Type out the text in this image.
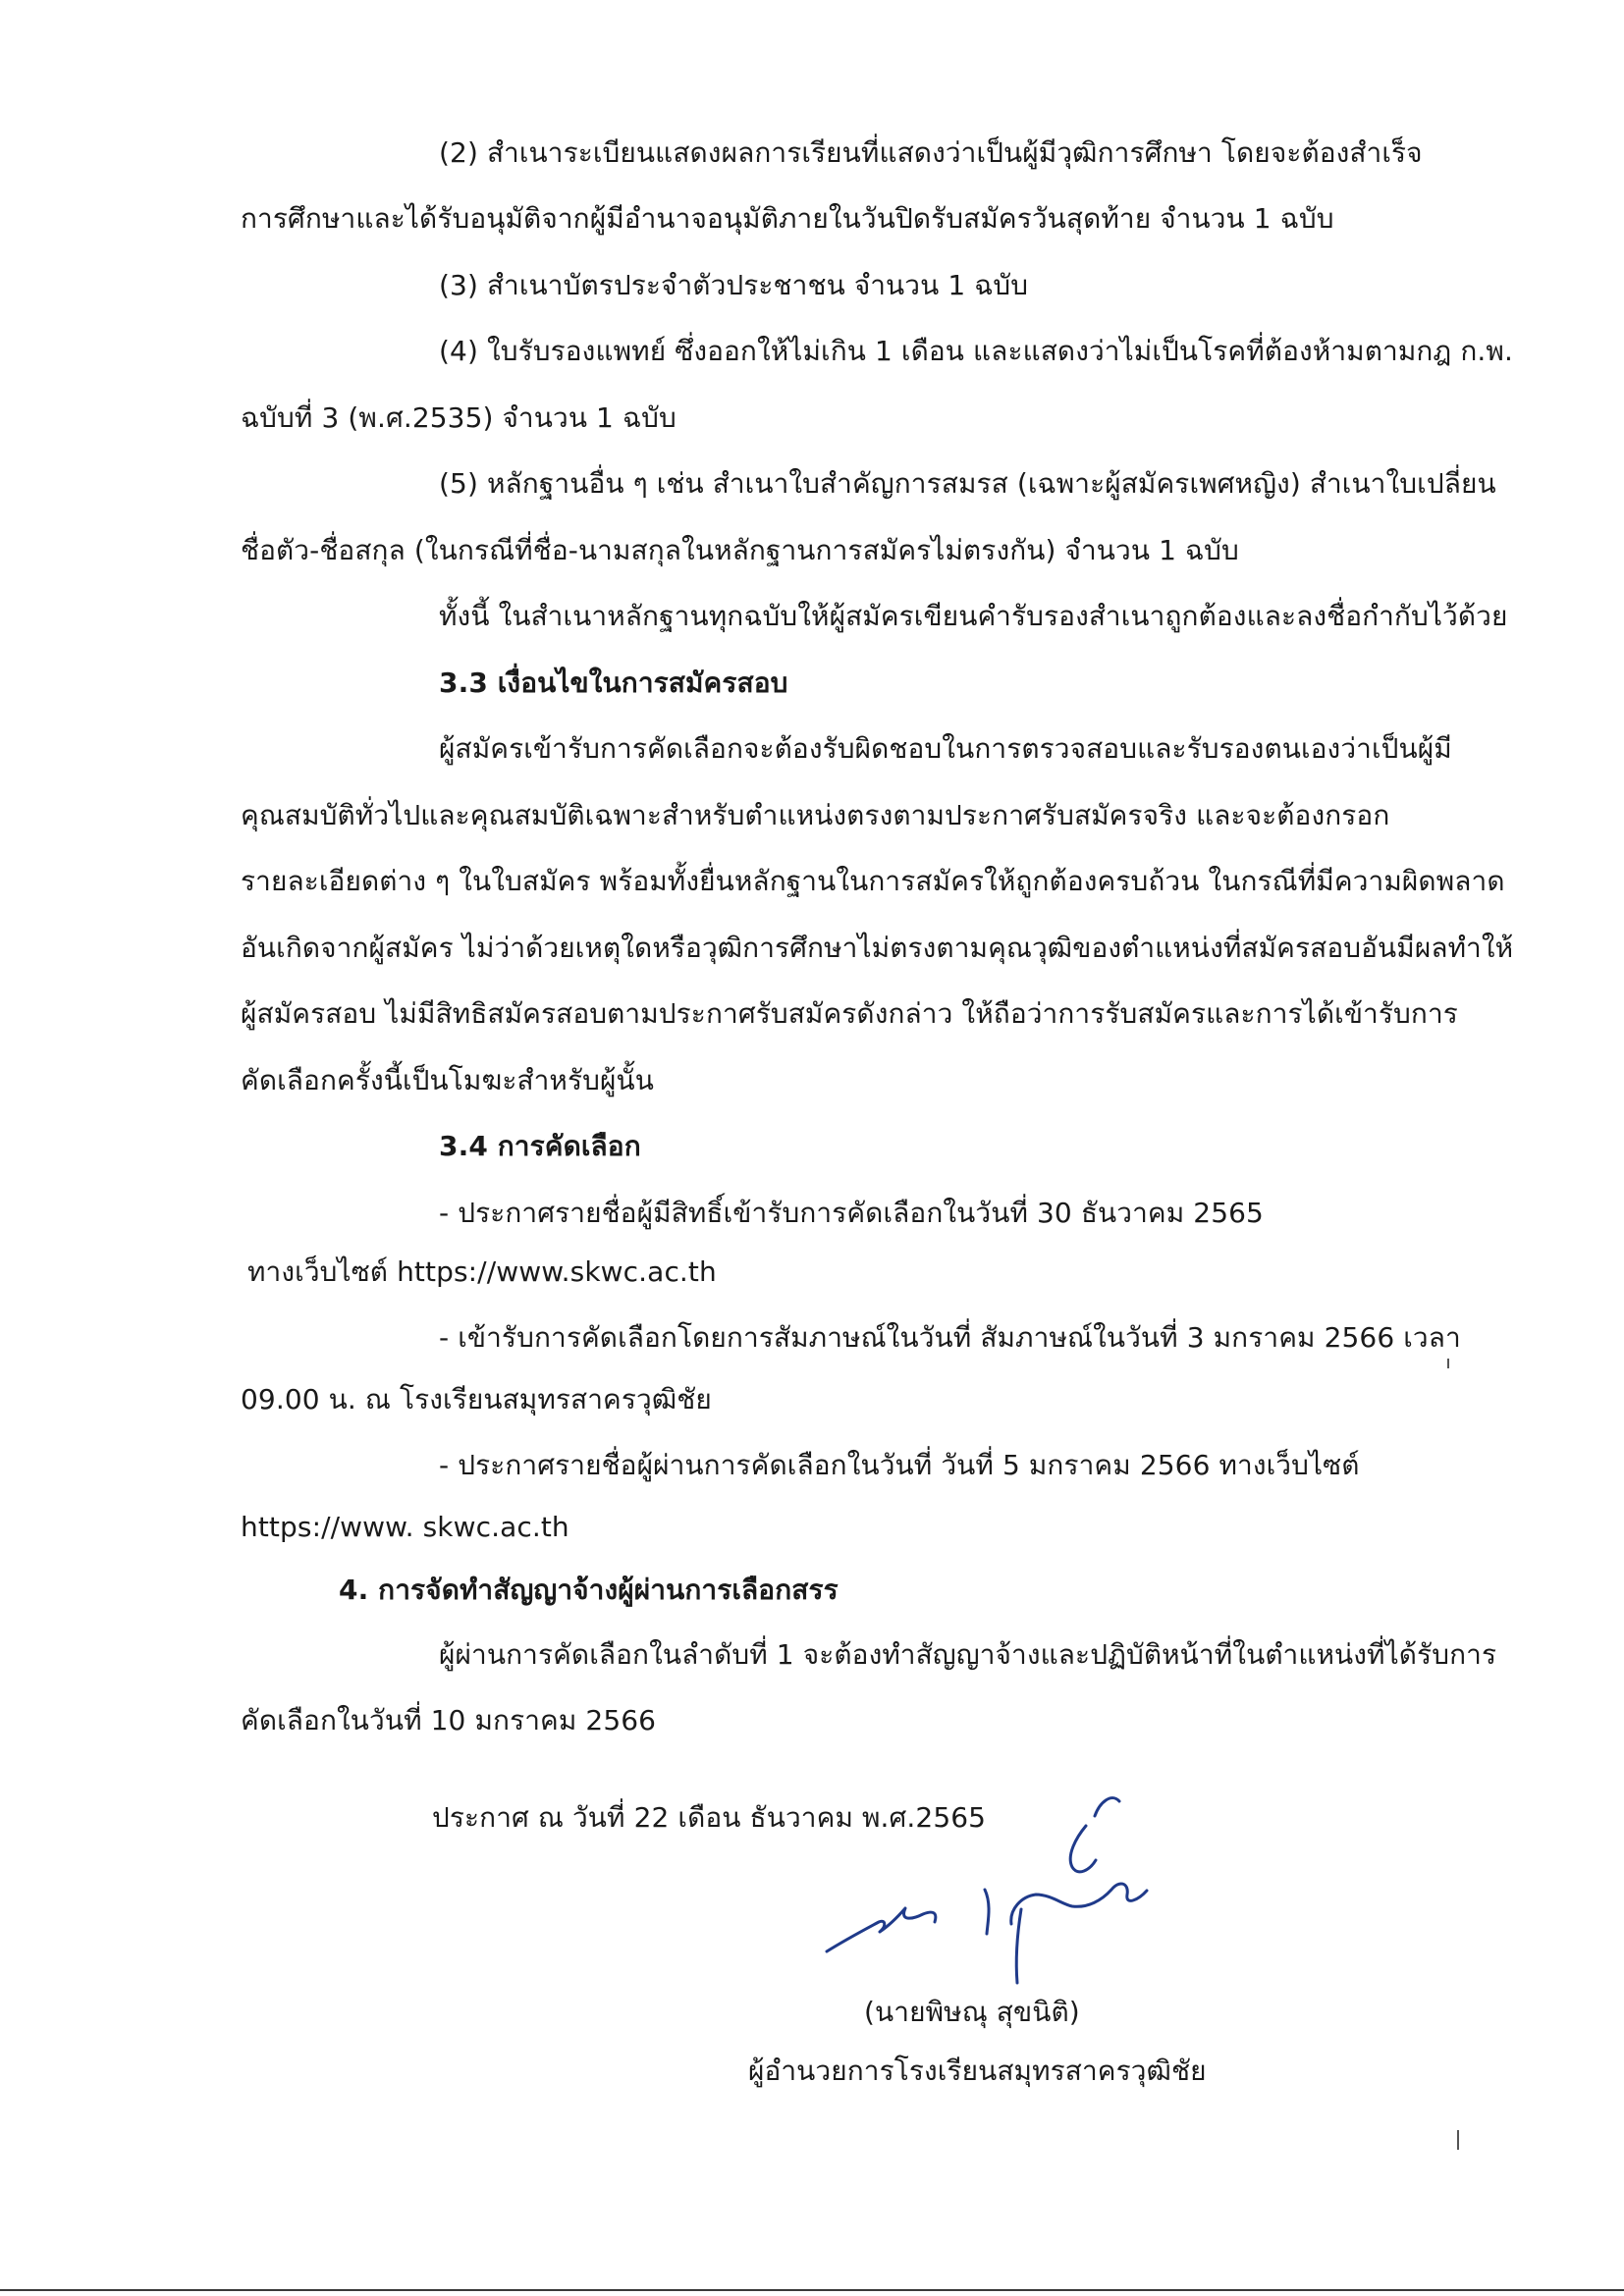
(2) สำเนาระเบียนแสดงผลการเรียนที่แสดงว่าเป็นผู้มีวุฒิการศึกษา โดยจะต้องสำเร็จ
การศึกษาและได้รับอนุมัติจากผู้มีอำนาจอนุมัติภายในวันปิดรับสมัครวันสุดท้าย จำนวน 1 ฉบับ
(3) สำเนาบัตรประจำตัวประชาชน จำนวน 1 ฉบับ
(4) ใบรับรองแพทย์ ซึ่งออกให้ไม่เกิน 1 เดือน และแสดงว่าไม่เป็นโรคที่ต้องห้ามตามกฎ ก.พ.
ฉบับที่ 3 (พ.ศ.2535) จำนวน 1 ฉบับ
(5) หลักฐานอื่น ๆ เช่น สำเนาใบสำคัญการสมรส (เฉพาะผู้สมัครเพศหญิง) สำเนาใบเปลี่ยน
ชื่อตัว-ชื่อสกุล (ในกรณีที่ชื่อ-นามสกุลในหลักฐานการสมัครไม่ตรงกัน) จำนวน 1 ฉบับ
ทั้งนี้ ในสำเนาหลักฐานทุกฉบับให้ผู้สมัครเขียนคำรับรองสำเนาถูกต้องและลงชื่อกำกับไว้ด้วย
3.3 เงื่อนไขในการสมัครสอบ
ผู้สมัครเข้ารับการคัดเลือกจะต้องรับผิดชอบในการตรวจสอบและรับรองตนเองว่าเป็นผู้มี
คุณสมบัติทั่วไปและคุณสมบัติเฉพาะสำหรับตำแหน่งตรงตามประกาศรับสมัครจริง และจะต้องกรอก
รายละเอียดต่าง ๆ ในใบสมัคร พร้อมทั้งยื่นหลักฐานในการสมัครให้ถูกต้องครบถ้วน ในกรณีที่มีความผิดพลาด
อันเกิดจากผู้สมัคร ไม่ว่าด้วยเหตุใดหรือวุฒิการศึกษาไม่ตรงตามคุณวุฒิของตำแหน่งที่สมัครสอบอันมีผลทำให้
ผู้สมัครสอบ ไม่มีสิทธิสมัครสอบตามประกาศรับสมัครดังกล่าว ให้ถือว่าการรับสมัครและการได้เข้ารับการ
คัดเลือกครั้งนี้เป็นโมฆะสำหรับผู้นั้น
3.4 การคัดเลือก
- ประกาศรายชื่อผู้มีสิทธิ์เข้ารับการคัดเลือกในวันที่ 30 ธันวาคม 2565
ทางเว็บไซต์ https://www.skwc.ac.th
- เข้ารับการคัดเลือกโดยการสัมภาษณ์ในวันที่ สัมภาษณ์ในวันที่ 3 มกราคม 2566 เวลา
09.00 น. ณ โรงเรียนสมุทรสาครวุฒิชัย
- ประกาศรายชื่อผู้ผ่านการคัดเลือกในวันที่ วันที่ 5 มกราคม 2566 ทางเว็บไซต์
https://www. skwc.ac.th
4. การจัดทำสัญญาจ้างผู้ผ่านการเลือกสรร
ผู้ผ่านการคัดเลือกในลำดับที่ 1 จะต้องทำสัญญาจ้างและปฏิบัติหน้าที่ในตำแหน่งที่ได้รับการ
คัดเลือกในวันที่ 10 มกราคม 2566
ประกาศ ณ วันที่ 22 เดือน ธันวาคม พ.ศ.2565
(นายพิษณุ สุขนิติ)
ผู้อำนวยการโรงเรียนสมุทรสาครวุฒิชัย
